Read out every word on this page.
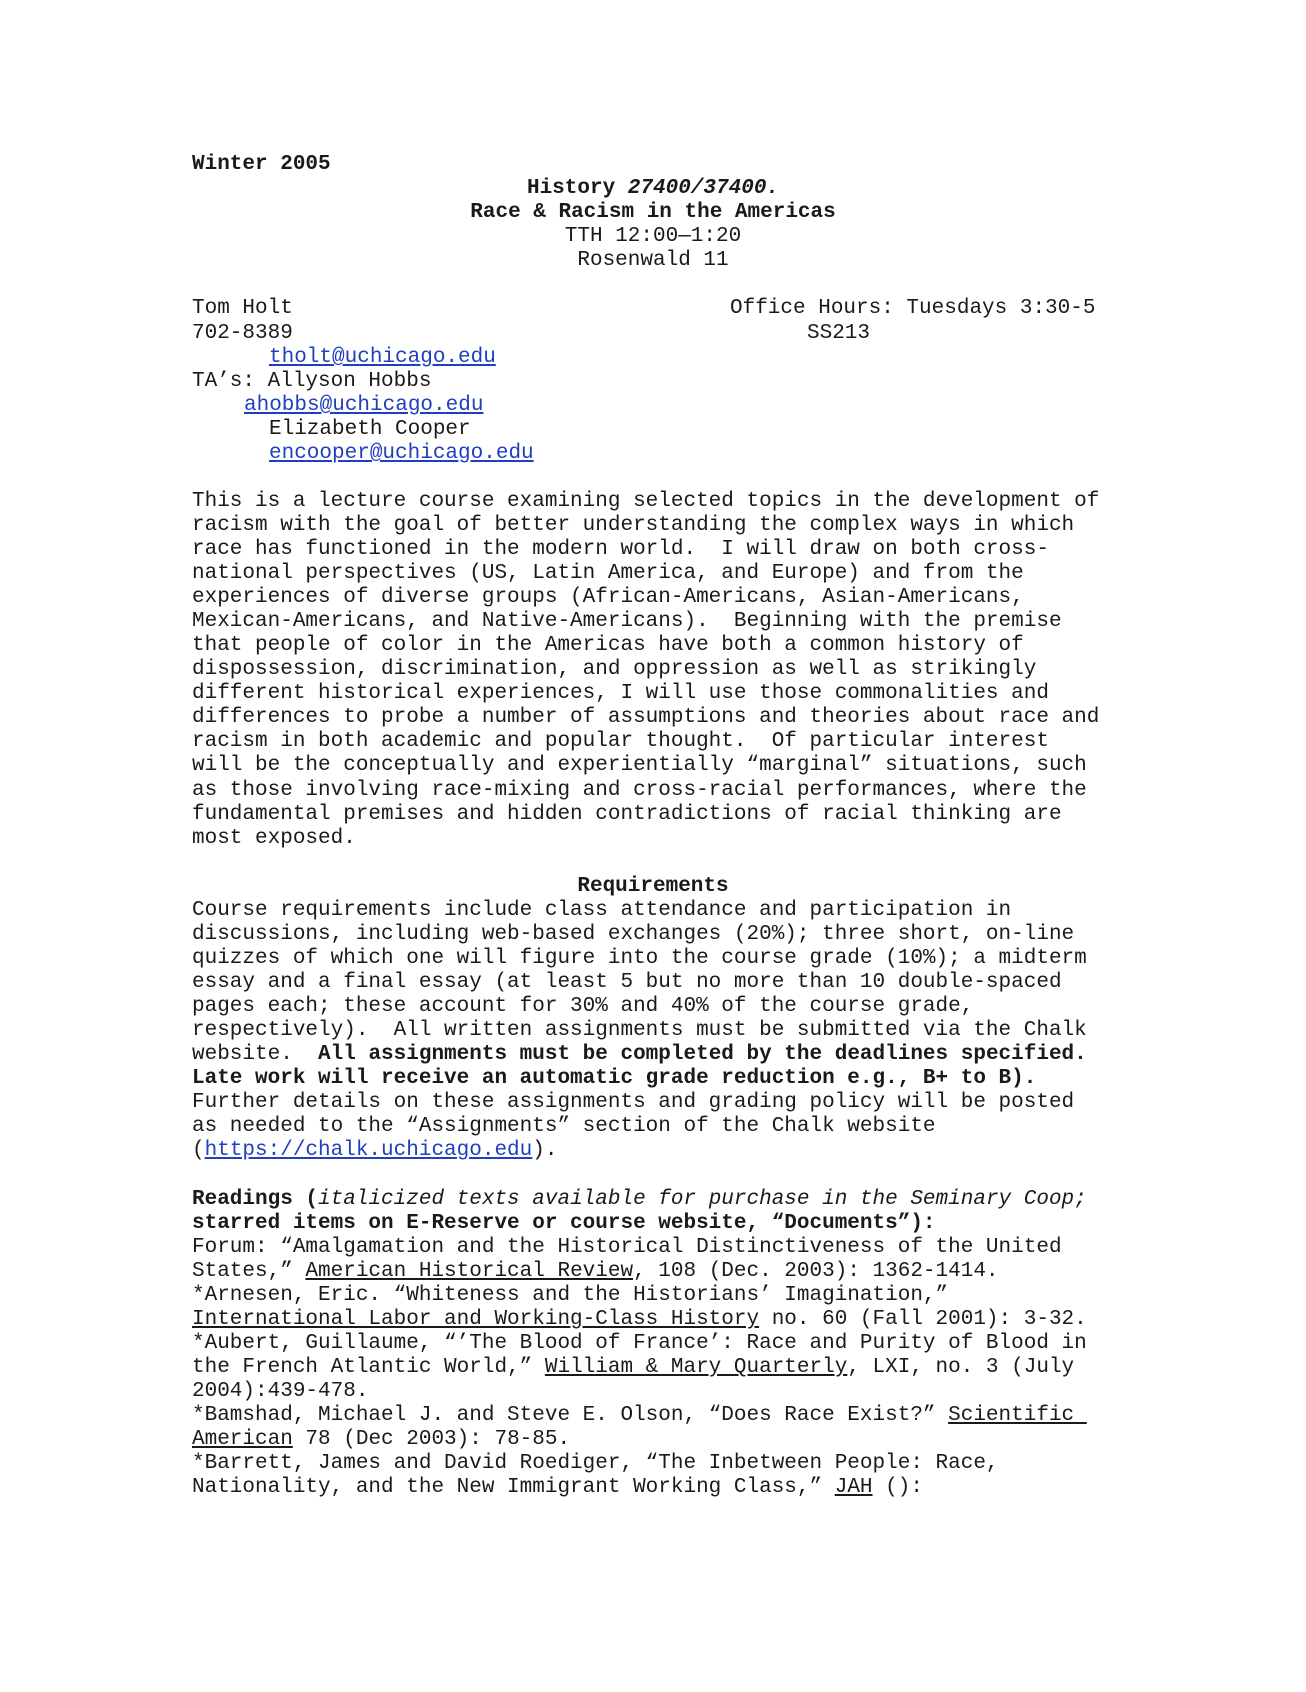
Winter 2005
History 27400/37400.
Race & Racism in the Americas
TTH 12:00—1:20
Rosenwald 11
Tom Holt	Office Hours: Tuesdays 3:30-5
702-8389	SS213
tholt@uchicago.edu
TA’s: Allyson Hobbs
ahobbs@uchicago.edu
Elizabeth Cooper
encooper@uchicago.edu
This is a lecture course examining selected topics in the development of
racism with the goal of better understanding the complex ways in which
race has functioned in the modern world.  I will draw on both cross-
national perspectives (US, Latin America, and Europe) and from the
experiences of diverse groups (African-Americans, Asian-Americans,
Mexican-Americans, and Native-Americans).  Beginning with the premise
that people of color in the Americas have both a common history of
dispossession, discrimination, and oppression as well as strikingly
different historical experiences, I will use those commonalities and
differences to probe a number of assumptions and theories about race and
racism in both academic and popular thought.  Of particular interest
will be the conceptually and experientially “marginal” situations, such
as those involving race-mixing and cross-racial performances, where the
fundamental premises and hidden contradictions of racial thinking are
most exposed.
Requirements
Course requirements include class attendance and participation in
discussions, including web-based exchanges (20%); three short, on-line
quizzes of which one will figure into the course grade (10%); a midterm
essay and a final essay (at least 5 but no more than 10 double-spaced
pages each; these account for 30% and 40% of the course grade,
respectively).  All written assignments must be submitted via the Chalk
website.  All assignments must be completed by the deadlines specified.
Late work will receive an automatic grade reduction e.g., B+ to B).
Further details on these assignments and grading policy will be posted
as needed to the “Assignments” section of the Chalk website
(https://chalk.uchicago.edu).
Readings (italicized texts available for purchase in the Seminary Coop;
starred items on E-Reserve or course website, “Documents”):
Forum: “Amalgamation and the Historical Distinctiveness of the United
States,” American Historical Review, 108 (Dec. 2003): 1362-1414.
*Arnesen, Eric. “Whiteness and the Historians’ Imagination,”
International Labor and Working-Class History no. 60 (Fall 2001): 3-32.
*Aubert, Guillaume, “’The Blood of France’: Race and Purity of Blood in
the French Atlantic World,” William & Mary Quarterly, LXI, no. 3 (July
2004):439-478.
*Bamshad, Michael J. and Steve E. Olson, “Does Race Exist?” Scientific
American 78 (Dec 2003): 78-85.
*Barrett, James and David Roediger, “The Inbetween People: Race,
Nationality, and the New Immigrant Working Class,” JAH ():
